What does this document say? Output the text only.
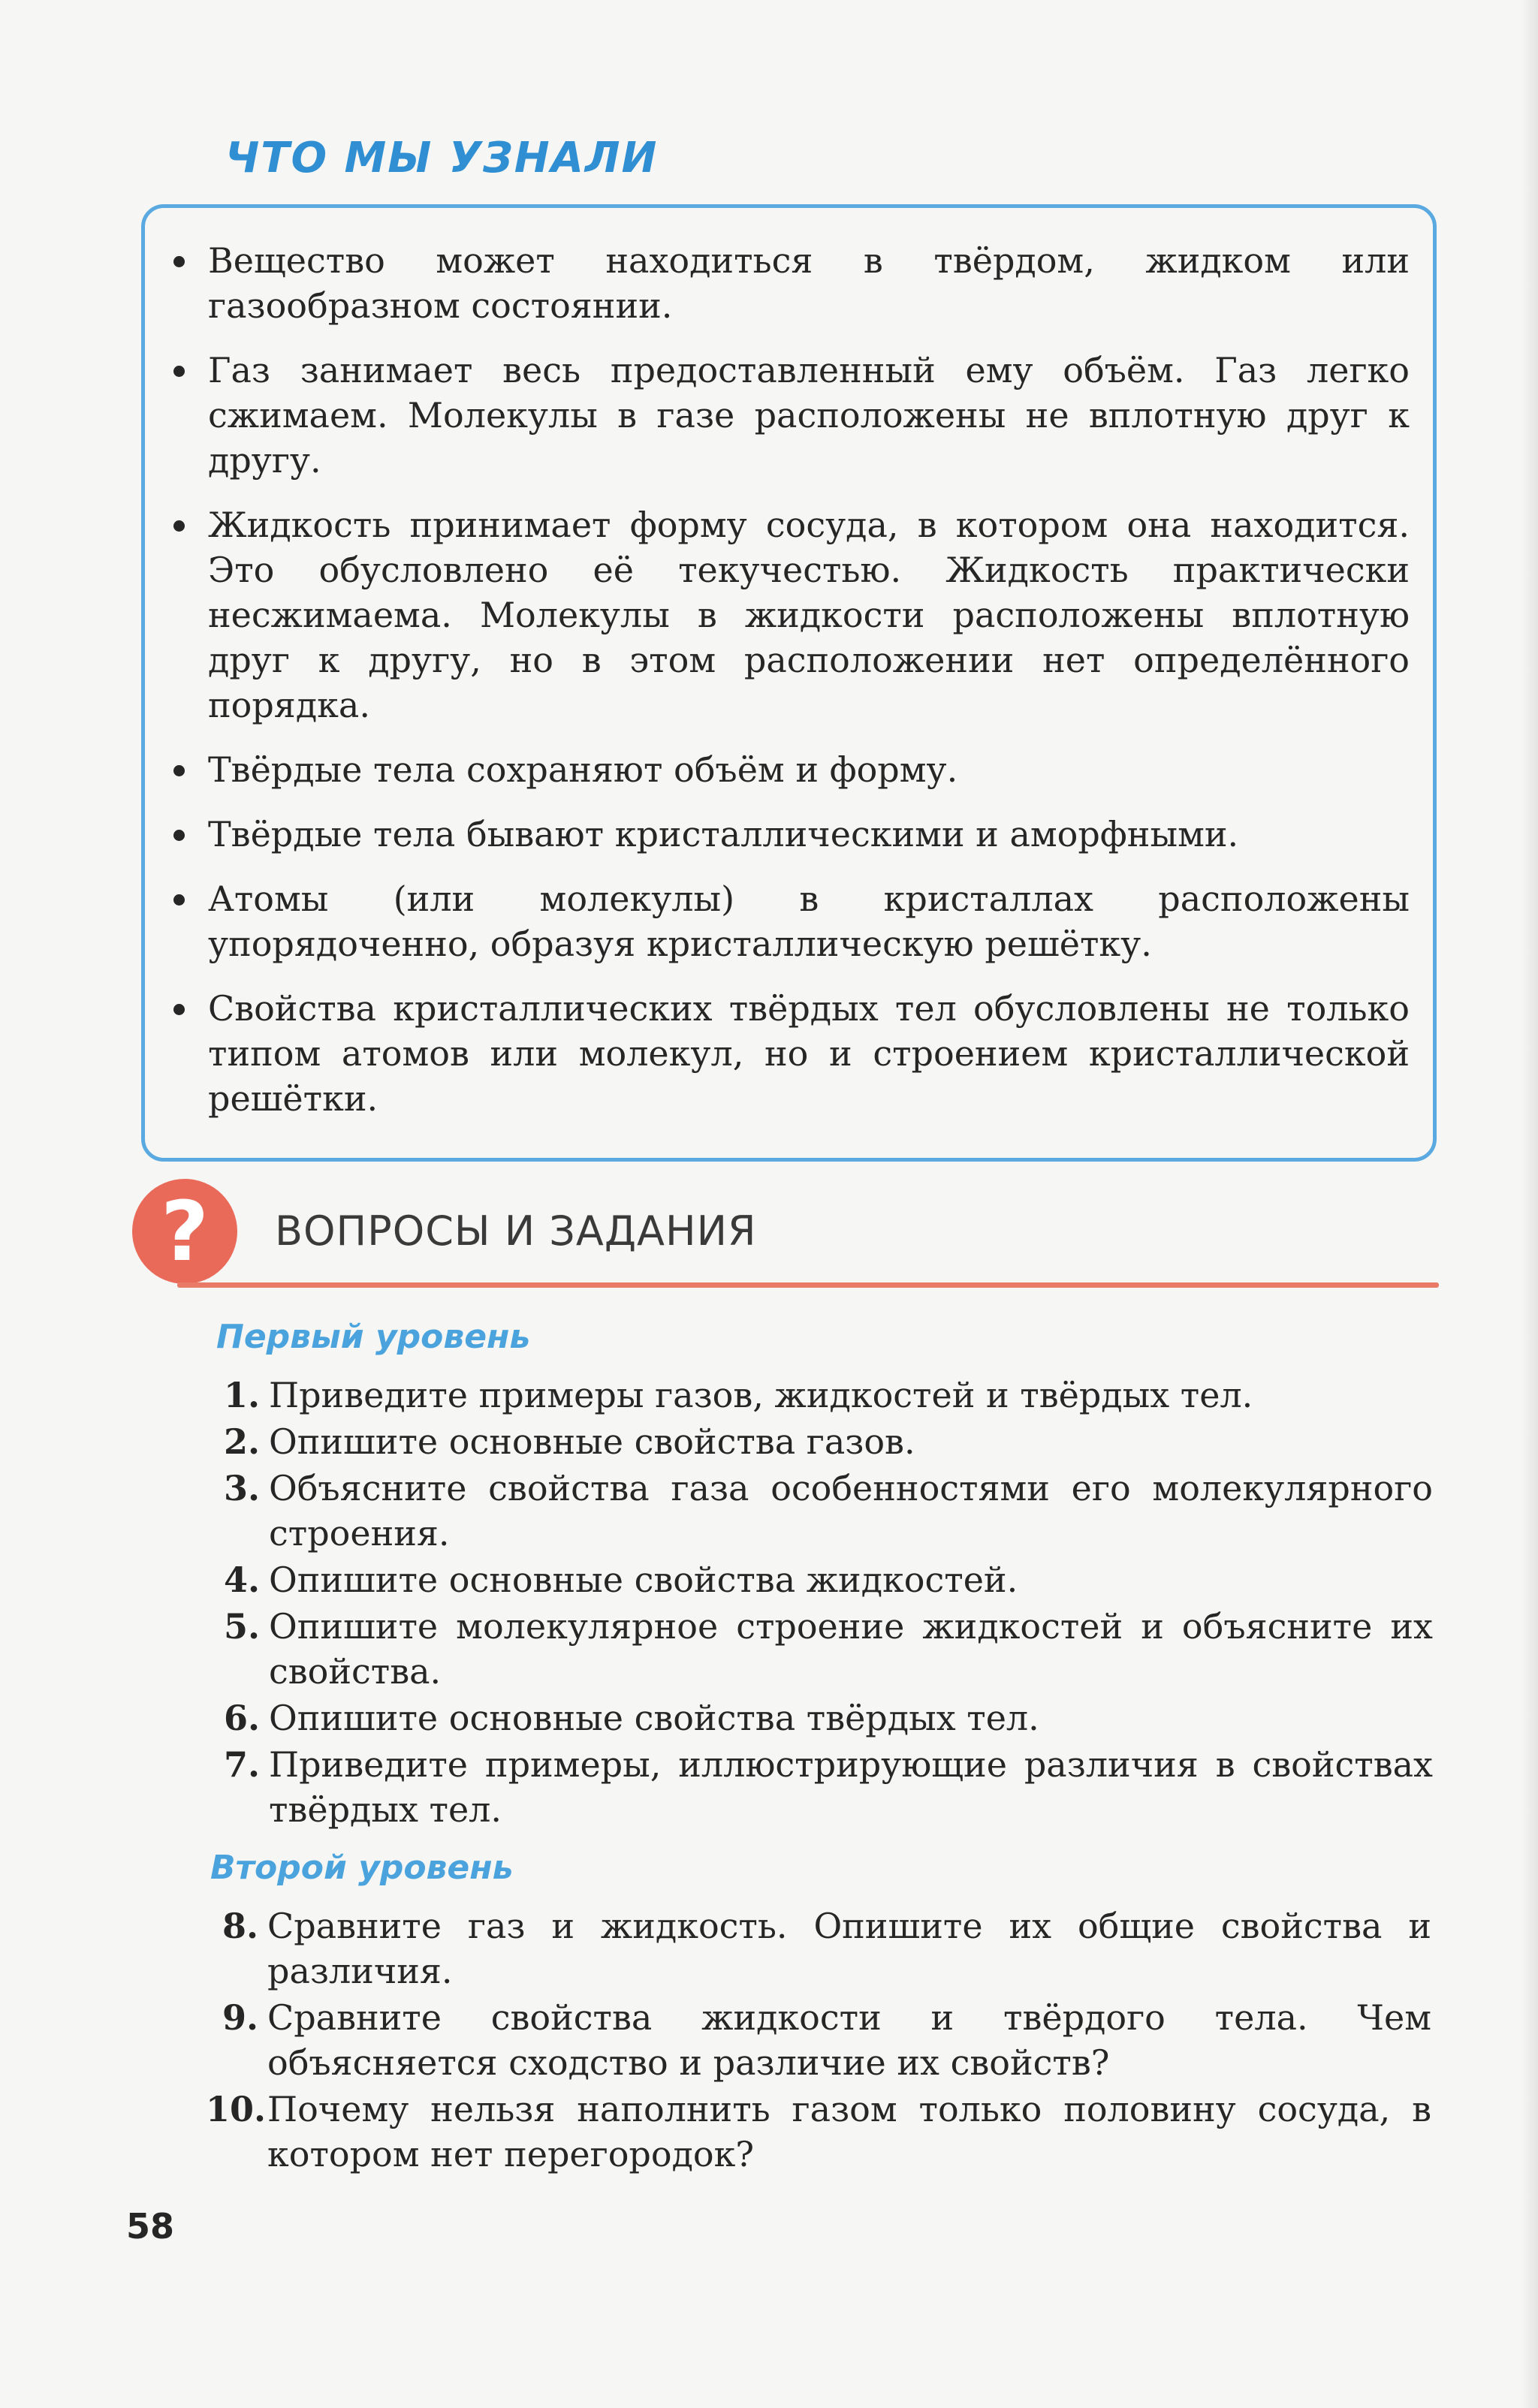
ЧТО МЫ УЗНАЛИ
Вещество может находиться в твёрдом, жидком или газообразном состоянии.
Газ занимает весь предоставленный ему объём. Газ легко сжимаем. Молекулы в газе расположены не вплотную друг к другу.
Жидкость принимает форму сосуда, в котором она находится. Это обусловлено её текучестью. Жидкость практически несжимаема. Молекулы в жидкости расположены вплотную друг к другу, но в этом расположении нет определённого порядка.
Твёрдые тела сохраняют объём и форму.
Твёрдые тела бывают кристаллическими и аморфными.
Атомы (или молекулы) в кристаллах расположены упорядоченно, образуя кристаллическую решётку.
Свойства кристаллических твёрдых тел обусловлены не только типом атомов или молекул, но и строением кристаллической решётки.
?	ВОПРОСЫ И ЗАДАНИЯ
Первый уровень
1. Приведите примеры газов, жидкостей и твёрдых тел.
2. Опишите основные свойства газов.
3. Объясните свойства газа особенностями его молекулярного строения.
4. Опишите основные свойства жидкостей.
5. Опишите молекулярное строение жидкостей и объясните их свойства.
6. Опишите основные свойства твёрдых тел.
7. Приведите примеры, иллюстрирующие различия в свойствах твёрдых тел.
Второй уровень
8. Сравните газ и жидкость. Опишите их общие свойства и различия.
9. Сравните свойства жидкости и твёрдого тела. Чем объясняется сходство и различие их свойств?
10. Почему нельзя наполнить газом только половину сосуда, в котором нет перегородок?

58
